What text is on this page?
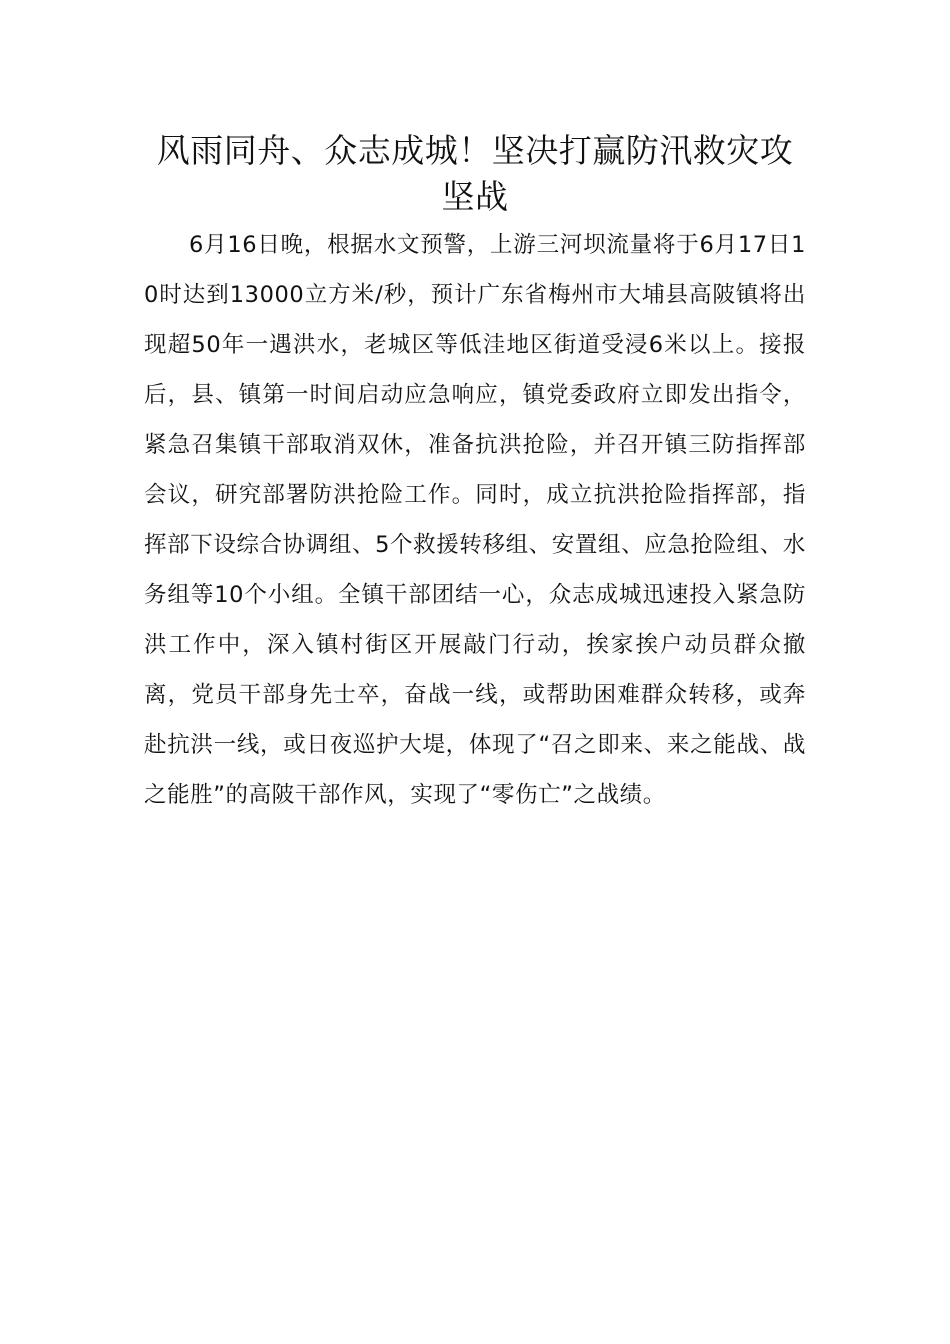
风雨同舟、众志成城！坚决打赢防汛救灾攻坚战

6月16日晚，根据水文预警，上游三河坝流量将于6月17日10时达到13000立方米/秒，预计广东省梅州市大埔县高陂镇将出现超50年一遇洪水，老城区等低洼地区街道受浸6米以上。接报后，县、镇第一时间启动应急响应，镇党委政府立即发出指令，紧急召集镇干部取消双休，准备抗洪抢险，并召开镇三防指挥部会议，研究部署防洪抢险工作。同时，成立抗洪抢险指挥部，指挥部下设综合协调组、5个救援转移组、安置组、应急抢险组、水务组等10个小组。全镇干部团结一心，众志成城迅速投入紧急防洪工作中，深入镇村街区开展敲门行动，挨家挨户动员群众撤离，党员干部身先士卒，奋战一线，或帮助困难群众转移，或奔赴抗洪一线，或日夜巡护大堤，体现了“召之即来、来之能战、战之能胜”的高陂干部作风，实现了“零伤亡”之战绩。
